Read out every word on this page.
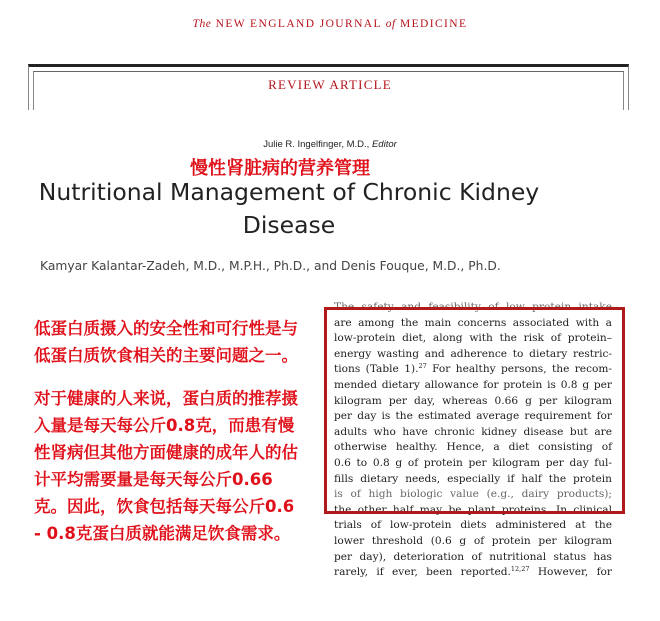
The NEW ENGLAND JOURNAL of MEDICINE
REVIEW ARTICLE
Julie R. Ingelfinger, M.D., Editor
慢性肾脏病的营养管理
Nutritional Management of Chronic Kidney Disease
Kamyar Kalantar-Zadeh, M.D., M.P.H., Ph.D., and Denis Fouque, M.D., Ph.D.

低蛋白质摄入的安全性和可行性是与低蛋白质饮食相关的主要问题之一。

对于健康的人来说，蛋白质的推荐摄入量是每天每公斤0.8克，而患有慢性肾病但其他方面健康的成年人的估计平均需要量是每天每公斤0.66克。因此，饮食包括每天每公斤0.6 - 0.8克蛋白质就能满足饮食需求。

The safety and feasibility of low protein intake
are among the main concerns associated with a
low-protein diet, along with the risk of protein–
energy wasting and adherence to dietary restric-
tions (Table 1).$^{27}$ For healthy persons, the recom-
mended dietary allowance for protein is 0.8 g per
kilogram per day, whereas 0.66 g per kilogram
per day is the estimated average requirement for
adults who have chronic kidney disease but are
otherwise healthy. Hence, a diet consisting of
0.6 to 0.8 g of protein per kilogram per day ful-
fills dietary needs, especially if half the protein
is of high biologic value (e.g., dairy products);
the other half may be plant proteins. In clinical
trials of low-protein diets administered at the
lower threshold (0.6 g of protein per kilogram
per day), deterioration of nutritional status has
rarely, if ever, been reported.$^{12,27}$ However, for
